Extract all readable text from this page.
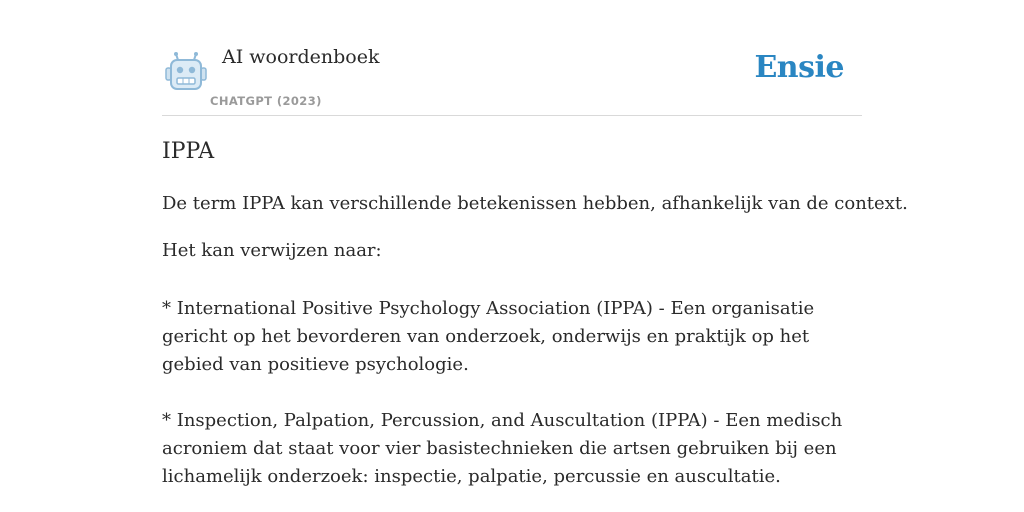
AI woordenboek
CHATGPT (2023)
Ensie
IPPA
De term IPPA kan verschillende betekenissen hebben, afhankelijk van de context.
Het kan verwijzen naar:
* International Positive Psychology Association (IPPA) - Een organisatie gericht op het bevorderen van onderzoek, onderwijs en praktijk op het gebied van positieve psychologie.
* Inspection, Palpation, Percussion, and Auscultation (IPPA) - Een medisch acroniem dat staat voor vier basistechnieken die artsen gebruiken bij een lichamelijk onderzoek: inspectie, palpatie, percussie en auscultatie.
